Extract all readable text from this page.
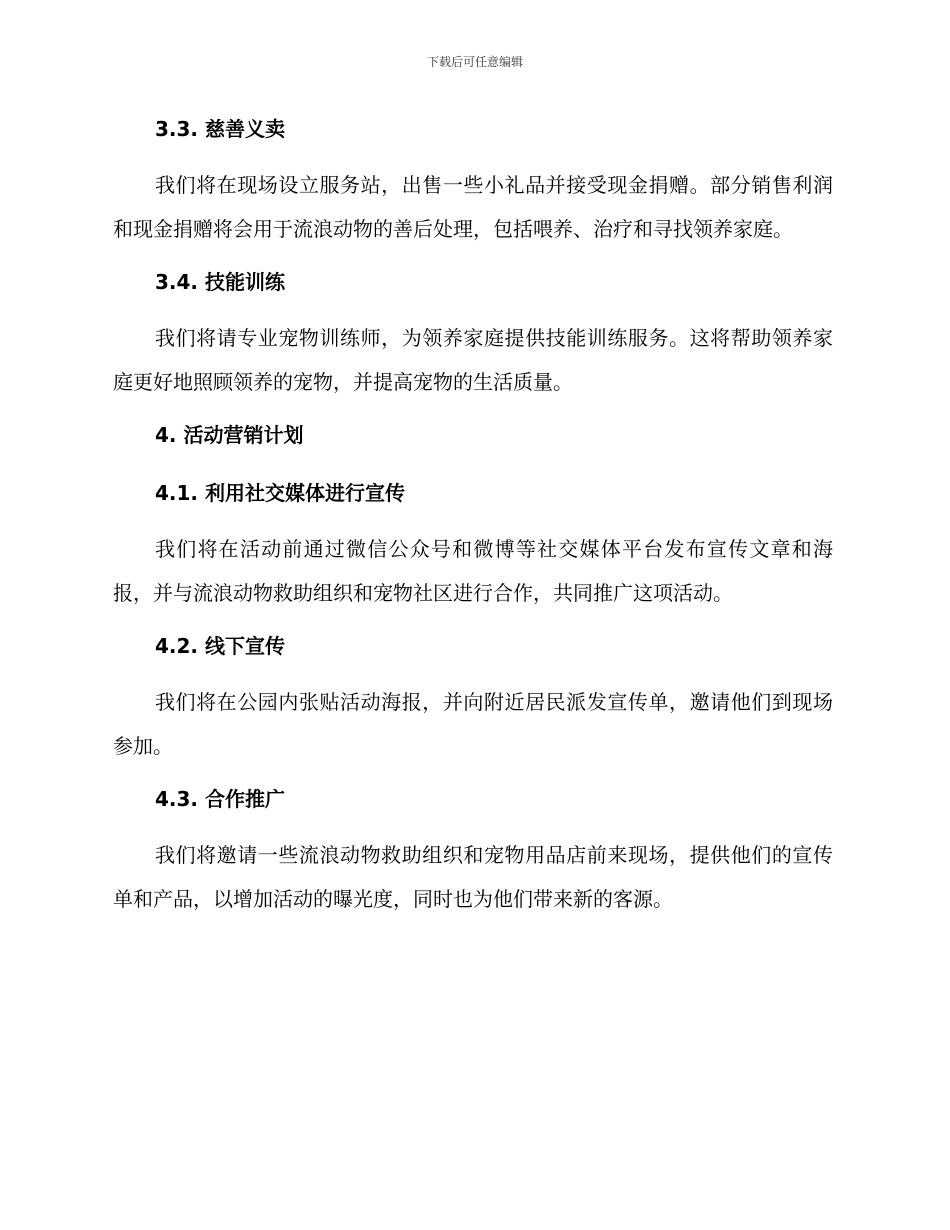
下载后可任意编辑
3.3. 慈善义卖

我们将在现场设立服务站，出售一些小礼品并接受现金捐赠。部分销售利润和现金捐赠将会用于流浪动物的善后处理，包括喂养、治疗和寻找领养家庭。

3.4. 技能训练

我们将请专业宠物训练师，为领养家庭提供技能训练服务。这将帮助领养家庭更好地照顾领养的宠物，并提高宠物的生活质量。

4. 活动营销计划
4.1. 利用社交媒体进行宣传

我们将在活动前通过微信公众号和微博等社交媒体平台发布宣传文章和海报，并与流浪动物救助组织和宠物社区进行合作，共同推广这项活动。

4.2. 线下宣传

我们将在公园内张贴活动海报，并向附近居民派发宣传单，邀请他们到现场参加。

4.3. 合作推广

我们将邀请一些流浪动物救助组织和宠物用品店前来现场，提供他们的宣传单和产品，以增加活动的曝光度，同时也为他们带来新的客源。
